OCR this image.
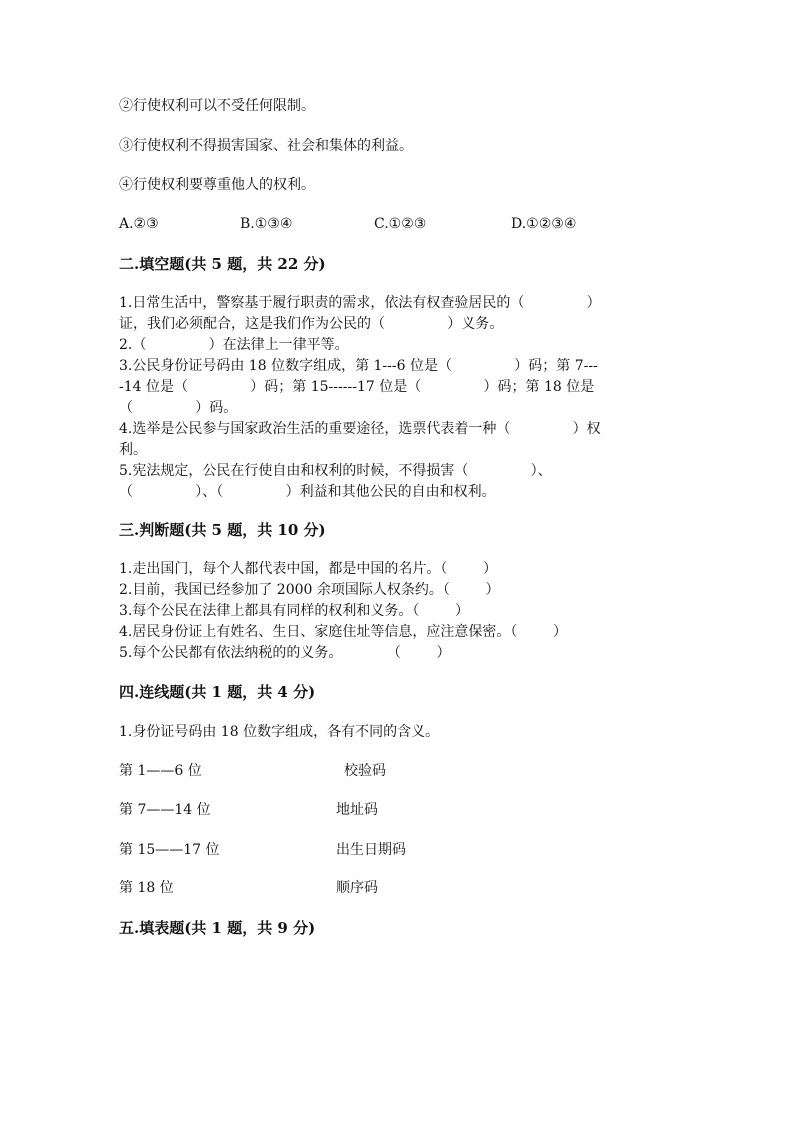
②行使权利可以不受任何限制。
③行使权利不得损害国家、社会和集体的利益。
④行使权利要尊重他人的权利。
A.②③	B.①③④	C.①②③	D.①②③④
二.填空题(共 5 题，共 22 分)
1.日常生活中，警察基于履行职责的需求，依法有权查验居民的（              ）
证，我们必须配合，这是我们作为公民的（              ）义务。
2.（              ）在法律上一律平等。
3.公民身份证号码由 18 位数字组成，第 1---6 位是（              ）码；第 7---
-14 位是（              ）码；第 15------17 位是（              ）码；第 18 位是
（              ）码。
4.选举是公民参与国家政治生活的重要途径，选票代表着一种（              ）权
利。
5.宪法规定，公民在行使自由和权利的时候，不得损害（              ）、
（              ）、（              ）利益和其他公民的自由和权利。
三.判断题(共 5 题，共 10 分)
1.走出国门，每个人都代表中国，都是中国的名片。（        ）
2.目前，我国已经参加了 2000 余项国际人权条约。（        ）
3.每个公民在法律上都具有同样的权利和义务。（        ）
4.居民身份证上有姓名、生日、家庭住址等信息，应注意保密。（        ）
5.每个公民都有依法纳税的的义务。          （        ）
四.连线题(共 1 题，共 4 分)
1.身份证号码由 18 位数字组成，各有不同的含义。
第 1——6 位	校验码
第 7——14 位	地址码
第 15——17 位	出生日期码
第 18 位	顺序码
五.填表题(共 1 题，共 9 分)
